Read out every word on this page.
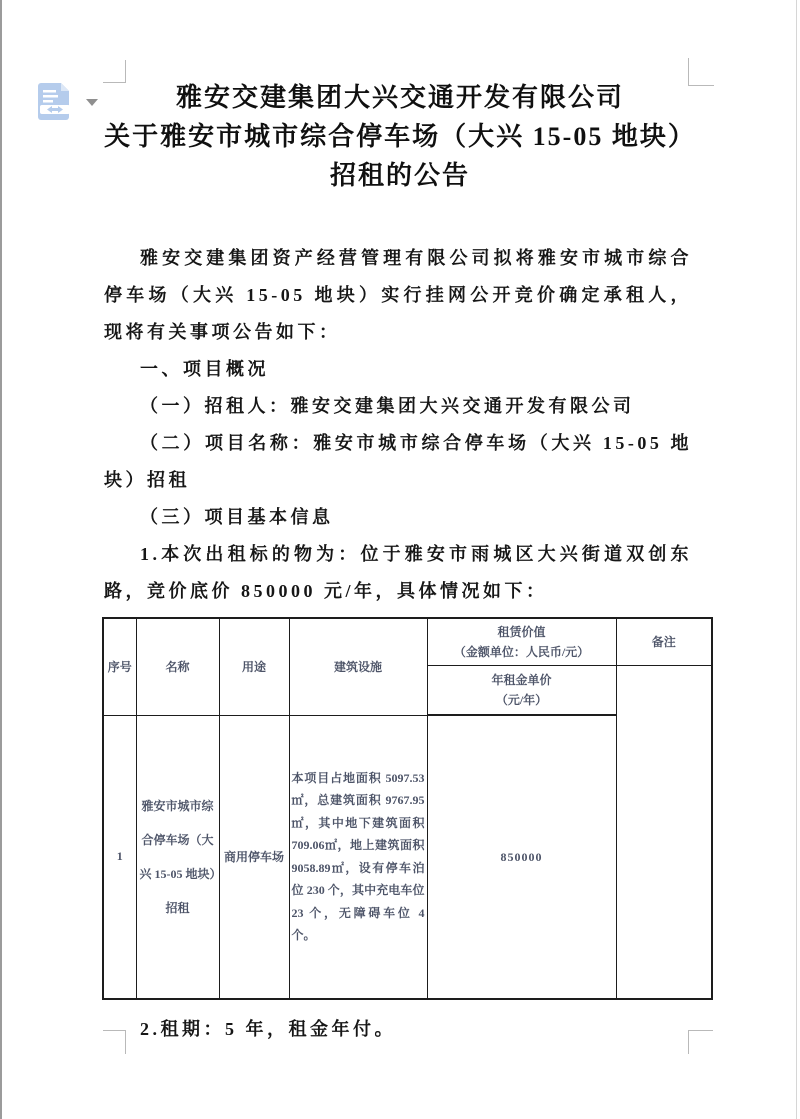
雅安交建集团大兴交通开发有限公司
关于雅安市城市综合停车场（大兴 15-05 地块）
招租的公告

雅安交建集团资产经营管理有限公司拟将雅安市城市综合停车场（大兴 15-05 地块）实行挂网公开竞价确定承租人，现将有关事项公告如下：

一、项目概况

（一）招租人：雅安交建集团大兴交通开发有限公司

（二）项目名称：雅安市城市综合停车场（大兴 15-05 地块）招租

（三）项目基本信息

1.本次出租标的物为：位于雅安市雨城区大兴街道双创东路，竞价底价 850000 元/年，具体情况如下：

序号	名称	用途	建筑设施	租赁价值
（金额单位：人民币/元）	备注

				年租金单价
（元/年）	

1	雅安市城市综合停车场（大兴 15-05 地块）招租	商用停车场	本项目占地面积 5097.53㎡，总建筑面积 9767.95㎡，其中地下建筑面积 709.06㎡，地上建筑面积 9058.89㎡，设有停车泊位 230 个，其中充电车位 23 个，无障碍车位 4 个。	850000	

2.租期：5 年，租金年付。
